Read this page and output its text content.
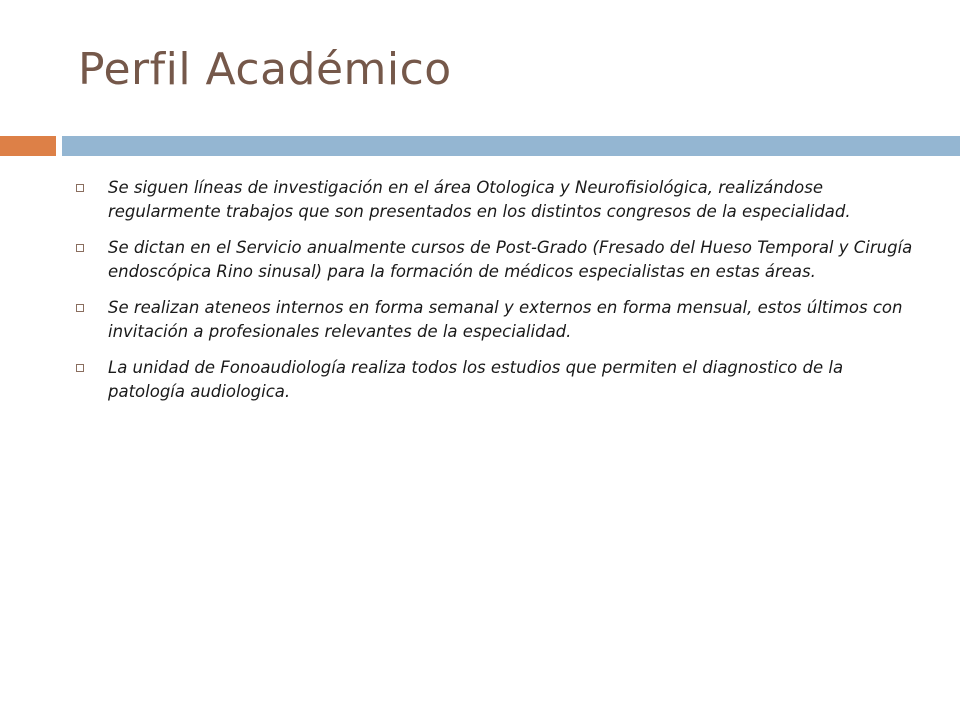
Perfil Académico
Se siguen líneas de investigación en el área Otologica y Neurofisiológica, realizándose regularmente trabajos que son presentados en los distintos congresos de la especialidad.
Se dictan en el Servicio anualmente cursos de Post-Grado (Fresado del Hueso Temporal y Cirugía endoscópica Rino sinusal) para la formación de médicos especialistas en estas áreas.
Se realizan ateneos internos en forma semanal y externos en forma mensual, estos últimos con invitación a profesionales relevantes de la especialidad.
La unidad de Fonoaudiología realiza todos los estudios que permiten el diagnostico de la patología audiologica.
